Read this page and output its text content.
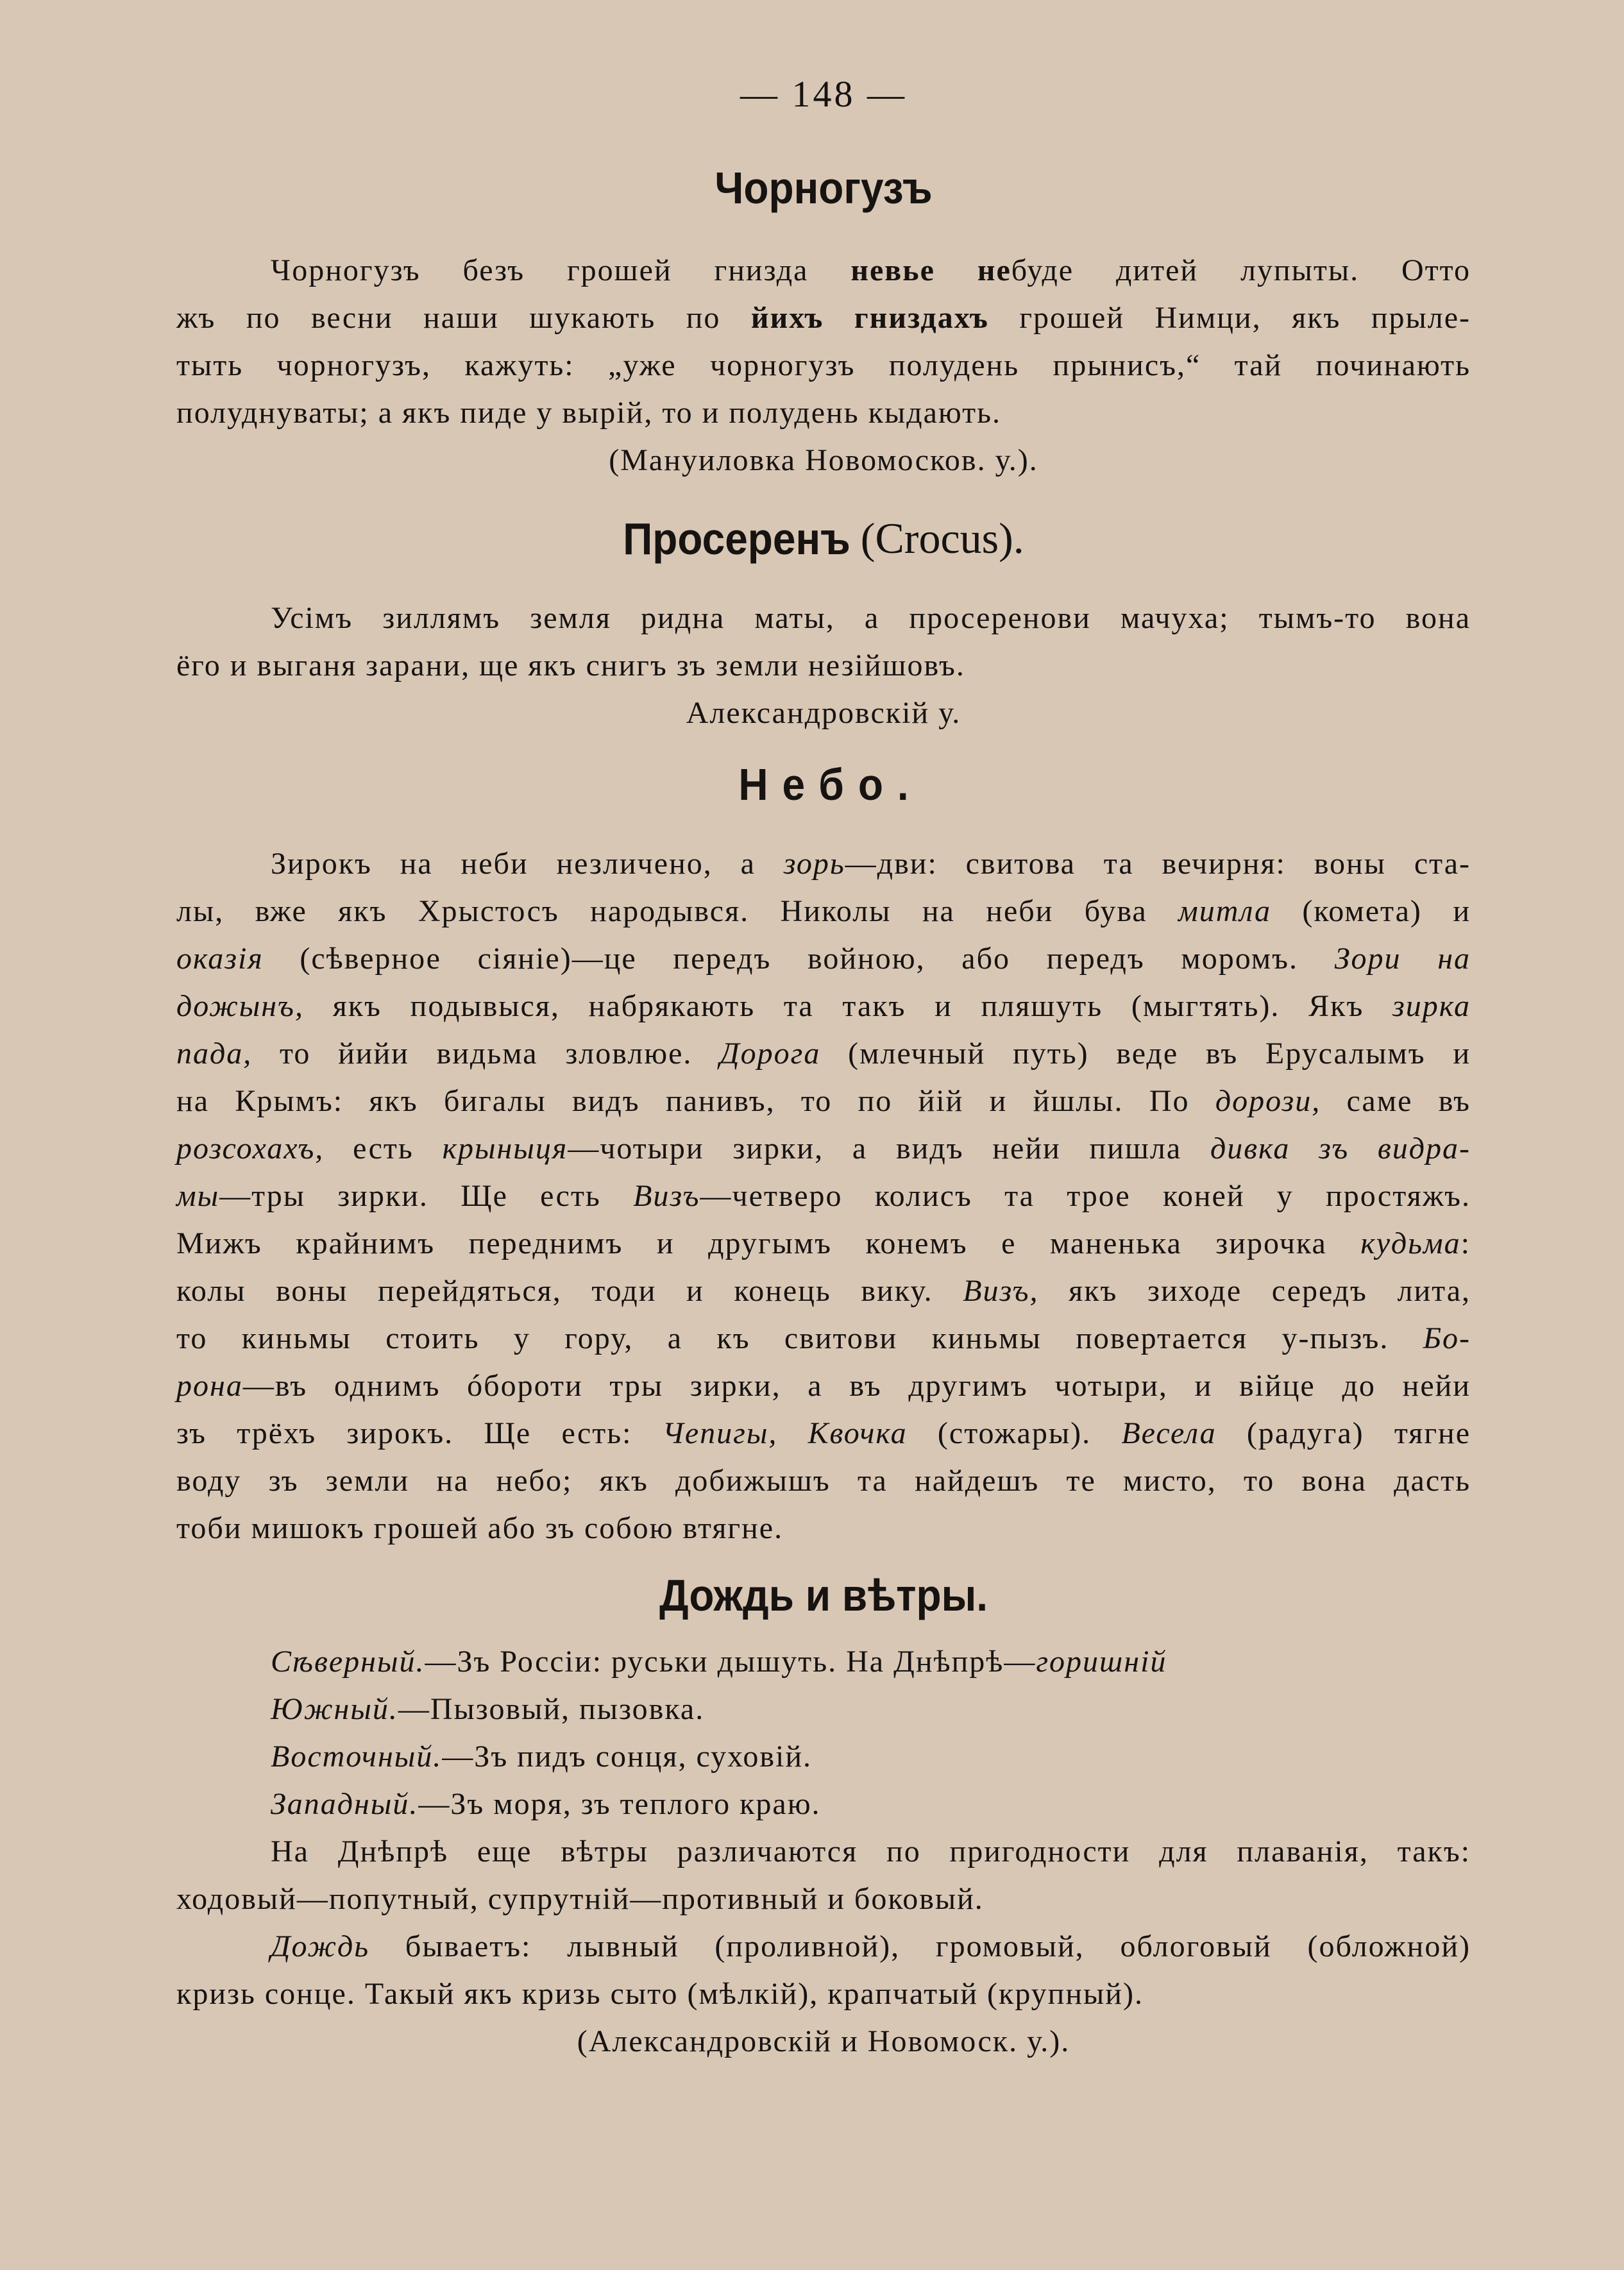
— 148 —
Чорногузъ
Чорногузъ безъ грошей гнизда невье небуде дитей лупыты. Отто
жъ по весни наши шукають по йихъ гниздахъ грошей Нимци, якъ прыле-
тыть чорногузъ, кажуть: „уже чорногузъ полудень прынисъ,“ тай починають
полуднуваты; а якъ пиде у вырiй, то и полудень кыдають.
(Мануиловка Новомосков. у.).
Просеренъ (Crocus).
Усiмъ зиллямъ земля ридна маты, а просеренови мачуха; тымъ-то вона
ёго и выганя зарани, ще якъ снигъ зъ земли незiйшовъ.
Александровскiй у.
Небо.
Зирокъ на неби незличено, а зорь—дви: свитова та вечирня: воны ста-
лы, вже якъ Хрыстосъ народывся. Николы на неби бува митла (комета) и
оказiя (сѣверное сiянiе)—це передъ войною, або передъ моромъ. Зори на
дожынъ, якъ подывыся, набрякають та такъ и пляшуть (мыгтять). Якъ зирка
пада, то йийи видьма зловлюе. Дорога (млечный путь) веде въ Ерусалымъ и
на Крымъ: якъ бигалы видъ панивъ, то по йiй и йшлы. По дорози, саме въ
розсохахъ, есть крыныця—чотыри зирки, а видъ нейи пишла дивка зъ видра-
мы—тры зирки. Ще есть Визъ—четверо колисъ та трое коней у простяжъ.
Мижъ крайнимъ переднимъ и другымъ конемъ е маненька зирочка кудьма:
колы воны перейдяться, тоди и конець вику. Визъ, якъ зиходе середъ лита,
то киньмы стоить у гору, а къ свитови киньмы повертается у-пызъ. Бо-
рона—въ однимъ óбороти тры зирки, а въ другимъ чотыри, и вiйце до нейи
зъ трёхъ зирокъ. Ще есть: Чепигы, Квочка (стожары). Весела (радуга) тягне
воду зъ земли на небо; якъ добижышъ та найдешъ те мисто, то вона дасть
тоби мишокъ грошей або зъ собою втягне.
Дождь и вѣтры.
Сѣверный.—Зъ Россiи: руськи дышуть. На Днѣпрѣ—горишнiй
Южный.—Пызовый, пызовка.
Восточный.—Зъ пидъ сонця, суховiй.
Западный.—Зъ моря, зъ теплого краю.
На Днѣпрѣ еще вѣтры различаются по пригодности для плаванiя, такъ:
ходовый—попутный, супрутнiй—противный и боковый.
Дождь бываетъ: лывный (проливной), громовый, облоговый (обложной)
кризь сонце. Такый якъ кризь сыто (мѣлкiй), крапчатый (крупный).
(Александровскiй и Новомоск. у.).
